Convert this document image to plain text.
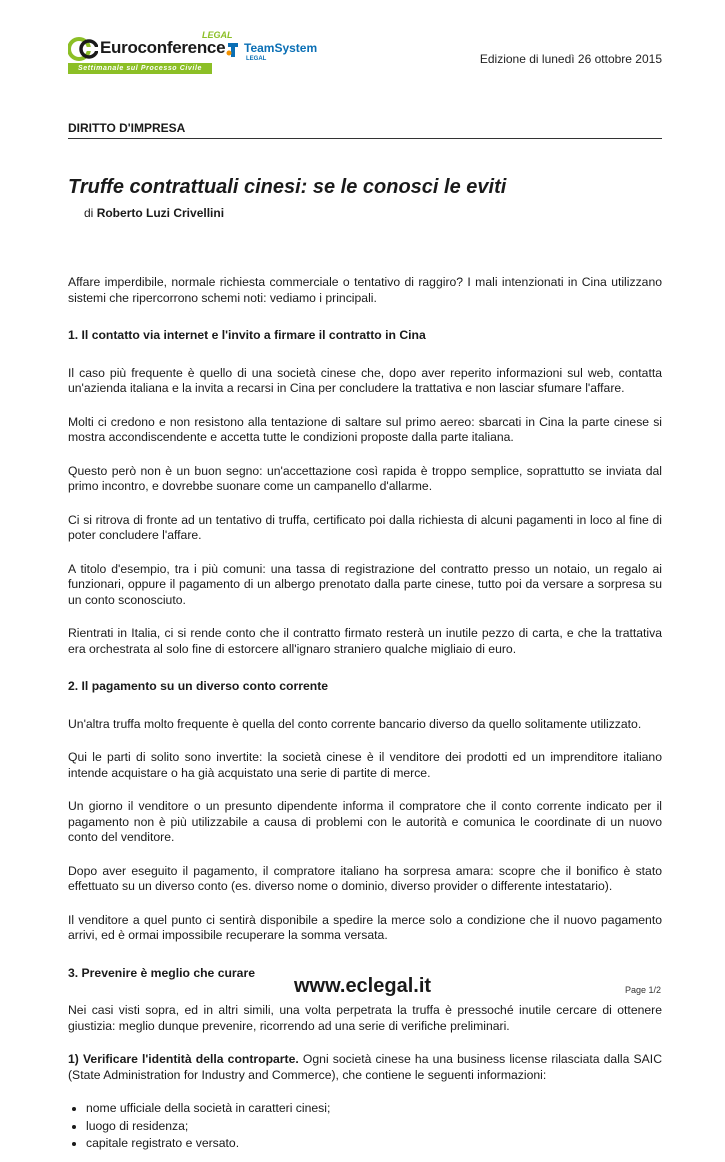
LEGAL
Euroconference
Settimanale sul Processo Civile
TeamSystem
LEGAL	Edizione di lunedì 26 ottobre 2015
DIRITTO D'IMPRESA
Truffe contrattuali cinesi: se le conosci le eviti
di Roberto Luzi Crivellini

Affare imperdibile, normale richiesta commerciale o tentativo di raggiro? I mali intenzionati in Cina utilizzano sistemi che ripercorrono schemi noti: vediamo i principali.

1. Il contatto via internet e l'invito a firmare il contratto in Cina

Il caso più frequente è quello di una società cinese che, dopo aver reperito informazioni sul web, contatta un'azienda italiana e la invita a recarsi in Cina per concludere la trattativa e non lasciar sfumare l'affare.

Molti ci credono e non resistono alla tentazione di saltare sul primo aereo: sbarcati in Cina la parte cinese si mostra accondiscendente e accetta tutte le condizioni proposte dalla parte italiana.

Questo però non è un buon segno: un'accettazione così rapida è troppo semplice, soprattutto se inviata dal primo incontro, e dovrebbe suonare come un campanello d'allarme.

Ci si ritrova di fronte ad un tentativo di truffa, certificato poi dalla richiesta di alcuni pagamenti in loco al fine di poter concludere l'affare.

A titolo d'esempio, tra i più comuni: una tassa di registrazione del contratto presso un notaio, un regalo ai funzionari, oppure il pagamento di un albergo prenotato dalla parte cinese, tutto poi da versare a sorpresa su un conto sconosciuto.

Rientrati in Italia, ci si rende conto che il contratto firmato resterà un inutile pezzo di carta, e che la trattativa era orchestrata al solo fine di estorcere all'ignaro straniero qualche migliaio di euro.

2. Il pagamento su un diverso conto corrente

Un'altra truffa molto frequente è quella del conto corrente bancario diverso da quello solitamente utilizzato.

Qui le parti di solito sono invertite: la società cinese è il venditore dei prodotti ed un imprenditore italiano intende acquistare o ha già acquistato una serie di partite di merce.

Un giorno il venditore o un presunto dipendente informa il compratore che il conto corrente indicato per il pagamento non è più utilizzabile a causa di problemi con le autorità e comunica le coordinate di un nuovo conto del venditore.

Dopo aver eseguito il pagamento, il compratore italiano ha sorpresa amara: scopre che il bonifico è stato effettuato su un diverso conto (es. diverso nome o dominio, diverso provider o differente intestatario).

Il venditore a quel punto ci sentirà disponibile a spedire la merce solo a condizione che il nuovo pagamento arrivi, ed è ormai impossibile recuperare la somma versata.

3. Prevenire è meglio che curare

Nei casi visti sopra, ed in altri simili, una volta perpetrata la truffa è pressoché inutile cercare di ottenere giustizia: meglio dunque prevenire, ricorrendo ad una serie di verifiche preliminari.

1) Verificare l'identità della controparte. Ogni società cinese ha una business license rilasciata dalla SAIC (State Administration for Industry and Commerce), che contiene le seguenti informazioni:

• nome ufficiale della società in caratteri cinesi;
• luogo di residenza;
• capitale registrato e versato.
www.eclegal.it	Page 1/2
